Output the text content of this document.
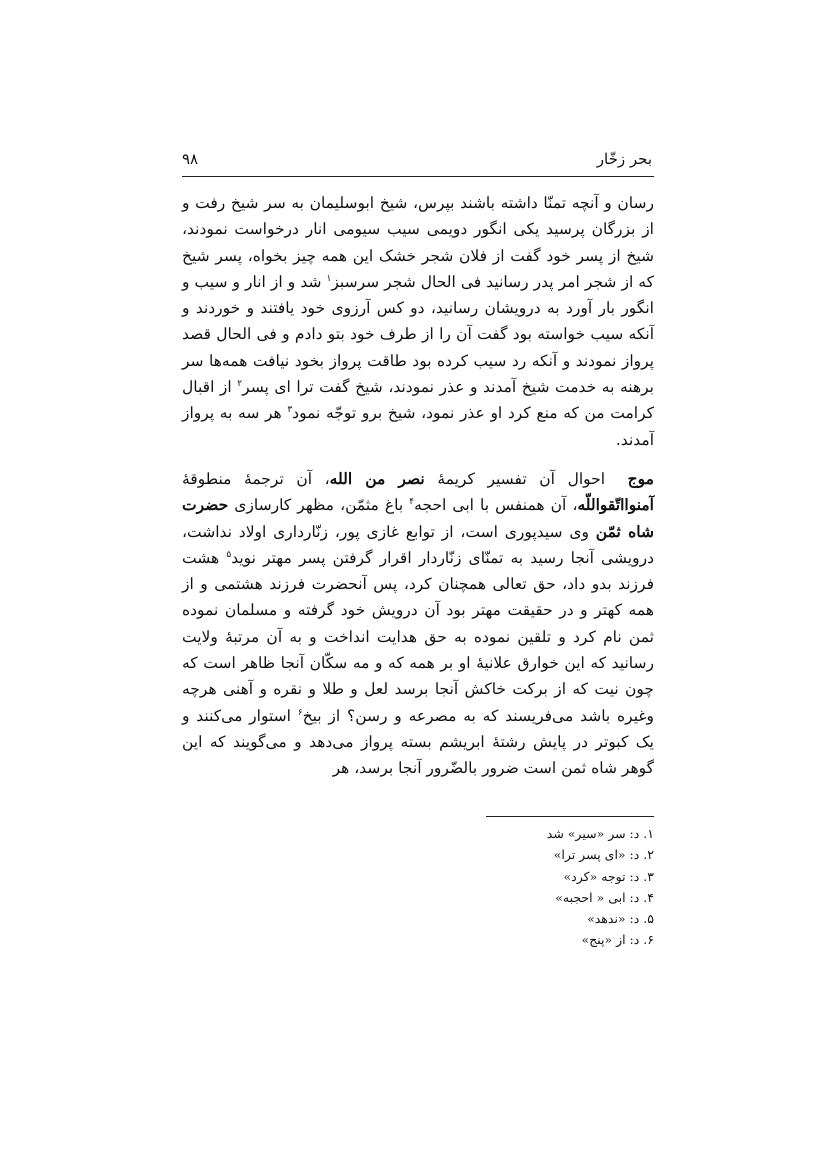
بحر زخّار
۹۸

رسان و آنچه تمنّا داشته باشند بپرس، شیخ ابوسلیمان به سر شیخ رفت و از بزرگان پرسید یکی انگور دویمی سیب سیومی انار درخواست نمودند، شیخ از پسر خود گفت از فلان شجر خشک این همه چیز بخواه، پسر شیخ که از شجر امر پدر رسانید فی الحال شجر سرسبز$^۱$ شد و از انار و سیب و انگور بار آورد به درویشان رسانید، دو کس آرزوی خود یافتند و خوردند و آنکه سیب خواسته بود گفت آن را از طرف خود بتو دادم و فی الحال قصد پرواز نمودند و آنکه رد سیب کرده بود طاقت پرواز بخود نیافت همه‌ها سر برهنه به خدمت شیخ آمدند و عذر نمودند، شیخ گفت ترا ای پسر$^۲$ از اقبال کرامت من که منع کرد او عذر نمود، شیخ برو توجّه نمود$^۳$ هر سه به پرواز آمدند.

موج احوال آن تفسیر کریمهٔ نصر من الله، آن ترجمهٔ منطوقهٔ آمنوااتّقواللّه، آن همنفس با ابی احجه$^۴$ باغ مثمّن، مظهر کارسازی حضرت شاه ثمّن وی سیدپوری است، از توابع غازی پور، زنّارداری اولاد نداشت، درویشی آنجا رسید به تمنّای زنّاردار اقرار گرفتن پسر مهتر نوید$^۵$ هشت فرزند بدو داد، حق تعالی همچنان کرد، پس آنحضرت فرزند هشتمی و از همه کهتر و در حقیقت مهتر بود آن درویش خود گرفته و مسلمان نموده ثمن نام کرد و تلقین نموده به حق هدایت انداخت و به آن مرتبهٔ ولایت رسانید که این خوارق علانیهٔ او بر همه که و مه سکّان آنجا ظاهر است که چون نیت که از برکت خاکش آنجا برسد لعل و طلا و نقره و آهنی هرچه وغیره باشد می‌فریسند که به مصرعه و رسن؟ از بیخ$^۶$ استوار می‌کنند و یک کبوتر در پایش رشتهٔ ابریشم بسته پرواز می‌دهد و می‌گویند که این گوهر شاه ثمن است ضرور بالضّرور آنجا برسد، هر

۱. د: سر «سیر» شد
۲. د: «ای پسر ترا»
۳. د: توجه «کرد»
۴. د: ابی « احجبه»
۵. د: «ندهد»
۶. د: از «پنج»
